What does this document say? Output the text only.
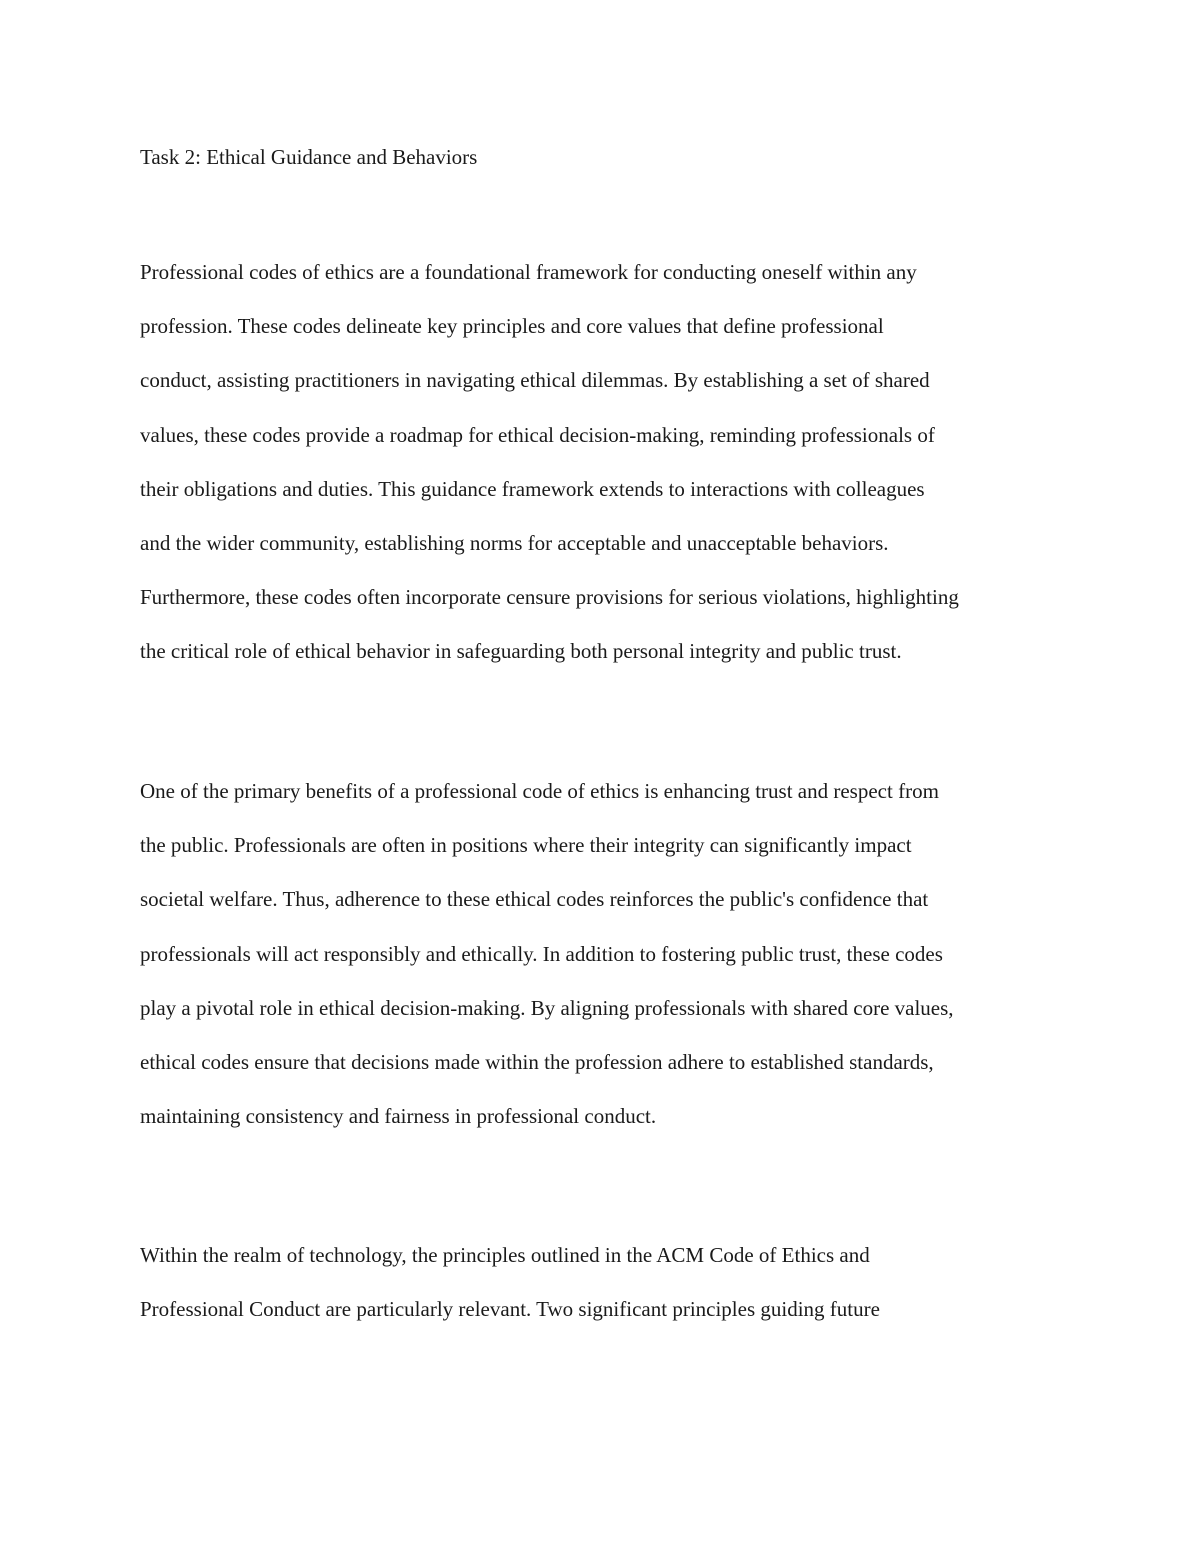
Task 2: Ethical Guidance and Behaviors
Professional codes of ethics are a foundational framework for conducting oneself within any
profession. These codes delineate key principles and core values that define professional
conduct, assisting practitioners in navigating ethical dilemmas. By establishing a set of shared
values, these codes provide a roadmap for ethical decision-making, reminding professionals of
their obligations and duties. This guidance framework extends to interactions with colleagues
and the wider community, establishing norms for acceptable and unacceptable behaviors.
Furthermore, these codes often incorporate censure provisions for serious violations, highlighting
the critical role of ethical behavior in safeguarding both personal integrity and public trust.
One of the primary benefits of a professional code of ethics is enhancing trust and respect from
the public. Professionals are often in positions where their integrity can significantly impact
societal welfare. Thus, adherence to these ethical codes reinforces the public's confidence that
professionals will act responsibly and ethically. In addition to fostering public trust, these codes
play a pivotal role in ethical decision-making. By aligning professionals with shared core values,
ethical codes ensure that decisions made within the profession adhere to established standards,
maintaining consistency and fairness in professional conduct.
Within the realm of technology, the principles outlined in the ACM Code of Ethics and
Professional Conduct are particularly relevant. Two significant principles guiding future
